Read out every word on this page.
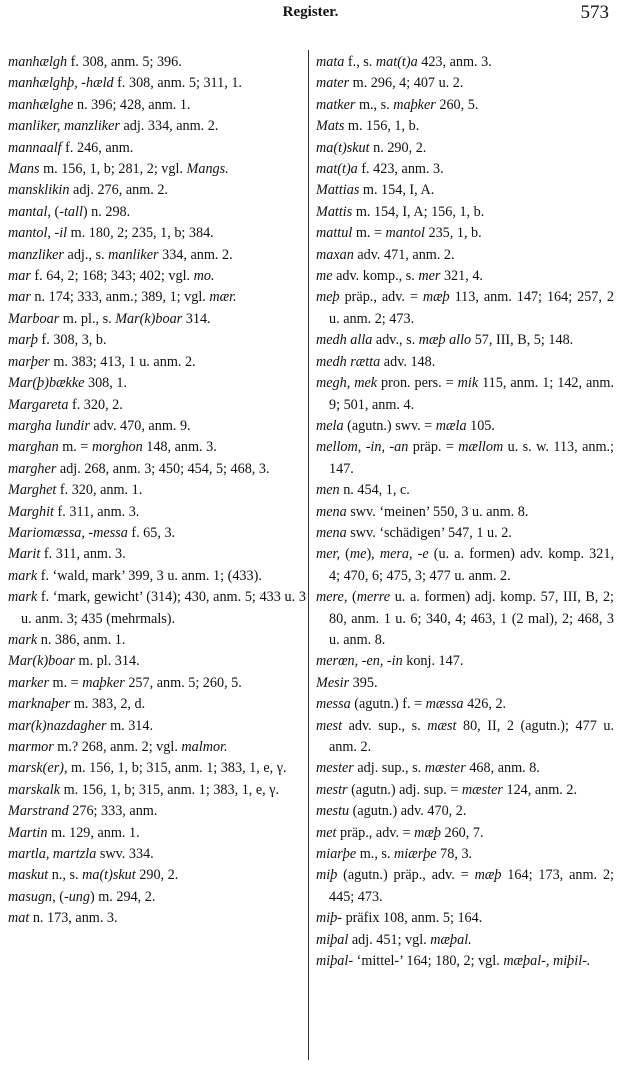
Register.	573
manhælgh f. 308, anm. 5; 396.
manhælghþ, -hæld f. 308, anm. 5; 311, 1.
manhælghe n. 396; 428, anm. 1.
manliker, manzliker adj. 334, anm. 2.
mannaalf f. 246, anm.
Mans m. 156, 1, b; 281, 2; vgl. Mangs.
mansklikin adj. 276, anm. 2.
mantal, (-tall) n. 298.
mantol, -il m. 180, 2; 235, 1, b; 384.
manzliker adj., s. manliker 334, anm. 2.
mar f. 64, 2; 168; 343; 402; vgl. mo.
mar n. 174; 333, anm.; 389, 1; vgl. mær.
Marboar m. pl., s. Mar(k)boar 314.
marþ f. 308, 3, b.
marþer m. 383; 413, 1 u. anm. 2.
Mar(þ)bække 308, 1.
Margareta f. 320, 2.
margha lundir adv. 470, anm. 9.
marghan m. = morghon 148, anm. 3.
margher adj. 268, anm. 3; 450; 454, 5; 468, 3.
Marghet f. 320, anm. 1.
Marghit f. 311, anm. 3.
Mariomæssa, -messa f. 65, 3.
Marit f. 311, anm. 3.
mark f. ‘wald, mark’ 399, 3 u. anm. 1; (433).
mark f. ‘mark, gewicht’ (314); 430, anm. 5; 433 u. 3 u. anm. 3; 435 (mehrmals).
mark n. 386, anm. 1.
Mar(k)boar m. pl. 314.
marker m. = maþker 257, anm. 5; 260, 5.
marknaþer m. 383, 2, d.
mar(k)nazdagher m. 314.
marmor m.? 268, anm. 2; vgl. malmor.
marsk(er), m. 156, 1, b; 315, anm. 1; 383, 1, e, γ.
marskalk m. 156, 1, b; 315, anm. 1; 383, 1, e, γ.
Marstrand 276; 333, anm.
Martin m. 129, anm. 1.
martla, martzla swv. 334.
maskut n., s. ma(t)skut 290, 2.
masugn, (-ung) m. 294, 2.
mat n. 173, anm. 3.
mata f., s. mat(t)a 423, anm. 3.
mater m. 296, 4; 407 u. 2.
matker m., s. maþker 260, 5.
Mats m. 156, 1, b.
ma(t)skut n. 290, 2.
mat(t)a f. 423, anm. 3.
Mattias m. 154, I, A.
Mattis m. 154, I, A; 156, 1, b.
mattul m. = mantol 235, 1, b.
maxan adv. 471, anm. 2.
me adv. komp., s. mer 321, 4.
meþ präp., adv. = mæþ 113, anm. 147; 164; 257, 2 u. anm. 2; 473.
medh alla adv., s. mæþ allo 57, III, B, 5; 148.
medh rætta adv. 148.
megh, mek pron. pers. = mik 115, anm. 1; 142, anm. 9; 501, anm. 4.
mela (agutn.) swv. = mæla 105.
mellom, -in, -an präp. = mællom u. s. w. 113, anm.; 147.
men n. 454, 1, c.
mena swv. ‘meinen’ 550, 3 u. anm. 8.
mena swv. ‘schädigen’ 547, 1 u. 2.
mer, (me), mera, -e (u. a. formen) adv. komp. 321, 4; 470, 6; 475, 3; 477 u. anm. 2.
mere, (merre u. a. formen) adj. komp. 57, III, B, 2; 80, anm. 1 u. 6; 340, 4; 463, 1 (2 mal), 2; 468, 3 u. anm. 8.
merœn, -en, -in konj. 147.
Mesir 395.
messa (agutn.) f. = mæssa 426, 2.
mest adv. sup., s. mæst 80, II, 2 (agutn.); 477 u. anm. 2.
mester adj. sup., s. mæster 468, anm. 8.
mestr (agutn.) adj. sup. = mæster 124, anm. 2.
mestu (agutn.) adv. 470, 2.
met präp., adv. = mæþ 260, 7.
miarþe m., s. miærþe 78, 3.
miþ (agutn.) präp., adv. = mæþ 164; 173, anm. 2; 445; 473.
miþ- präfix 108, anm. 5; 164.
miþal adj. 451; vgl. mæþal.
miþal- ‘mittel-’ 164; 180, 2; vgl. mæþal-, miþil-.
